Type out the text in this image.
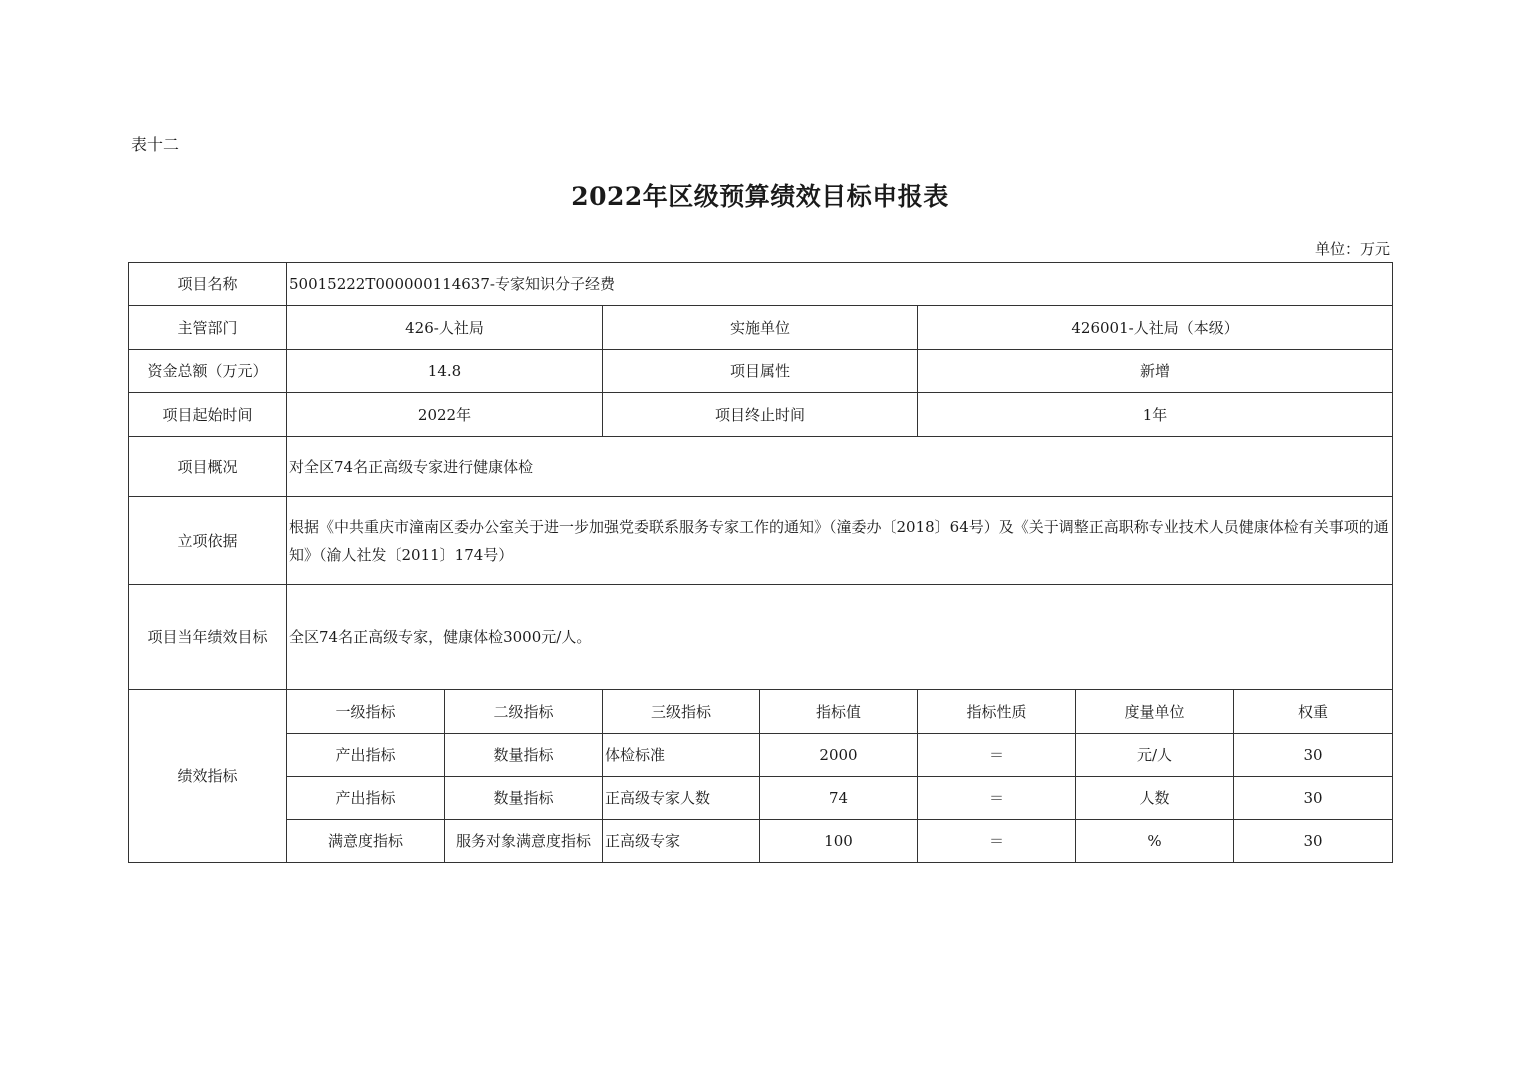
表十二
2022年区级预算绩效目标申报表
单位：万元
项目名称	50015222T000000114637-专家知识分子经费						
主管部门	426-人社局		实施单位		426001-人社局（本级）		
资金总额（万元）	14.8		项目属性		新增		
项目起始时间	2022年		项目终止时间		1年		
项目概况	对全区74名正高级专家进行健康体检						
立项依据	根据《中共重庆市潼南区委办公室关于进一步加强党委联系服务专家工作的通知》（潼委办〔2018〕64号）及《关于调整正高职称专业技术人员健康体检有关事项的通知》（渝人社发〔2011〕174号）						
项目当年绩效目标	全区74名正高级专家，健康体检3000元/人。						
绩效指标	一级指标	二级指标	三级指标	指标值	指标性质	度量单位	权重
	产出指标	数量指标	体检标准	2000	＝	元/人	30
	产出指标	数量指标	正高级专家人数	74	＝	人数	30
	满意度指标	服务对象满意度指标	正高级专家	100	＝	%	30
